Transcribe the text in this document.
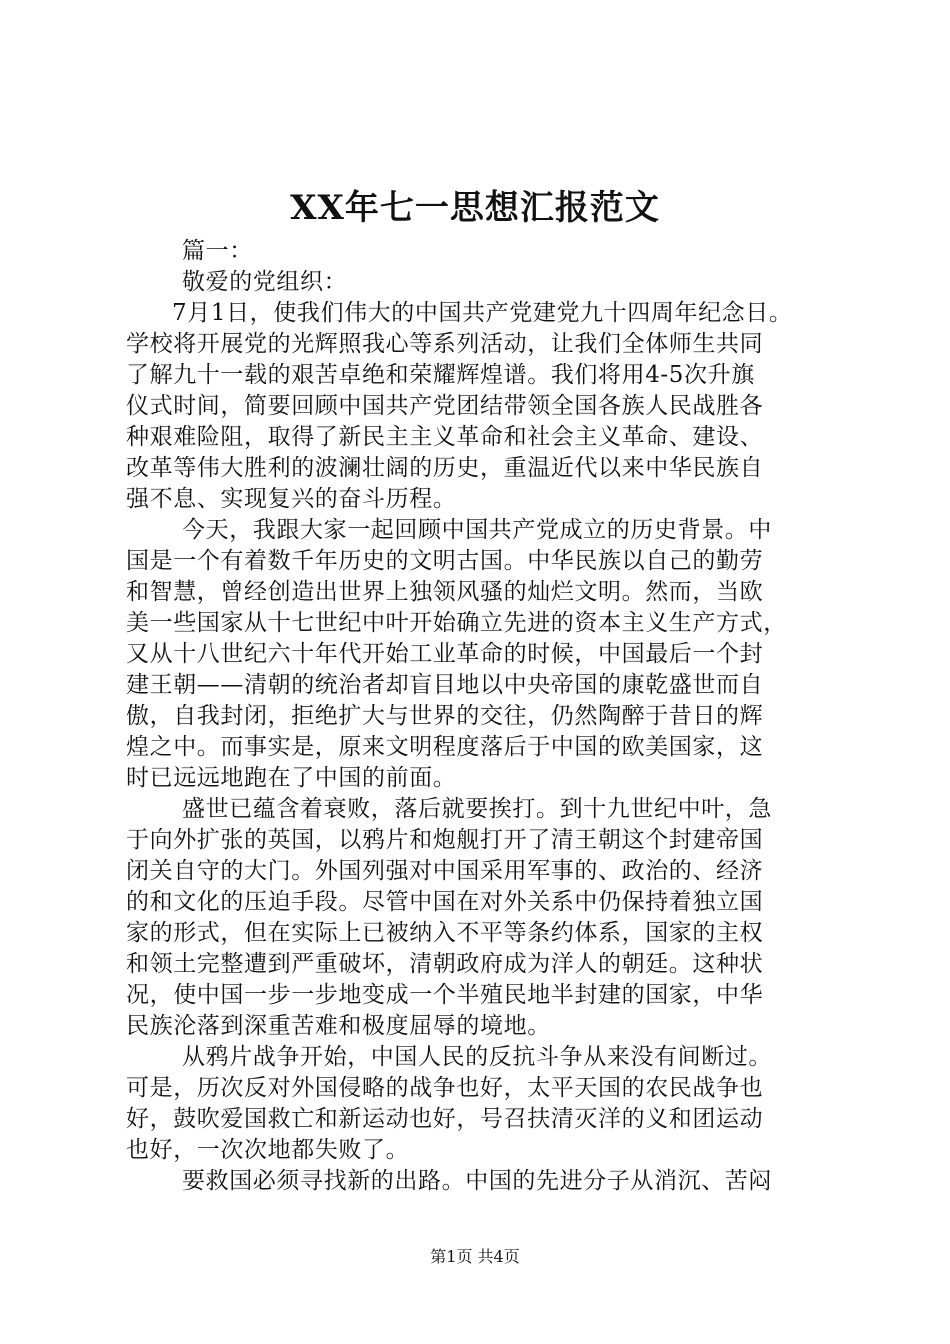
XX年七一思想汇报范文
篇一：
敬爱的党组织：
7月1日，使我们伟大的中国共产党建党九十四周年纪念日。
学校将开展党的光辉照我心等系列活动，让我们全体师生共同
了解九十一载的艰苦卓绝和荣耀辉煌谱。我们将用4-5次升旗
仪式时间，简要回顾中国共产党团结带领全国各族人民战胜各
种艰难险阻，取得了新民主主义革命和社会主义革命、建设、
改革等伟大胜利的波澜壮阔的历史，重温近代以来中华民族自
强不息、实现复兴的奋斗历程。
今天，我跟大家一起回顾中国共产党成立的历史背景。中
国是一个有着数千年历史的文明古国。中华民族以自己的勤劳
和智慧，曾经创造出世界上独领风骚的灿烂文明。然而，当欧
美一些国家从十七世纪中叶开始确立先进的资本主义生产方式，
又从十八世纪六十年代开始工业革命的时候，中国最后一个封
建王朝——清朝的统治者却盲目地以中央帝国的康乾盛世而自
傲，自我封闭，拒绝扩大与世界的交往，仍然陶醉于昔日的辉
煌之中。而事实是，原来文明程度落后于中国的欧美国家，这
时已远远地跑在了中国的前面。
盛世已蕴含着衰败，落后就要挨打。到十九世纪中叶，急
于向外扩张的英国，以鸦片和炮舰打开了清王朝这个封建帝国
闭关自守的大门。外国列强对中国采用军事的、政治的、经济
的和文化的压迫手段。尽管中国在对外关系中仍保持着独立国
家的形式，但在实际上已被纳入不平等条约体系，国家的主权
和领土完整遭到严重破坏，清朝政府成为洋人的朝廷。这种状
况，使中国一步一步地变成一个半殖民地半封建的国家，中华
民族沦落到深重苦难和极度屈辱的境地。
从鸦片战争开始，中国人民的反抗斗争从来没有间断过。
可是，历次反对外国侵略的战争也好，太平天国的农民战争也
好，鼓吹爱国救亡和新运动也好，号召扶清灭洋的义和团运动
也好，一次次地都失败了。
要救国必须寻找新的出路。中国的先进分子从消沉、苦闷
第1页 共4页
